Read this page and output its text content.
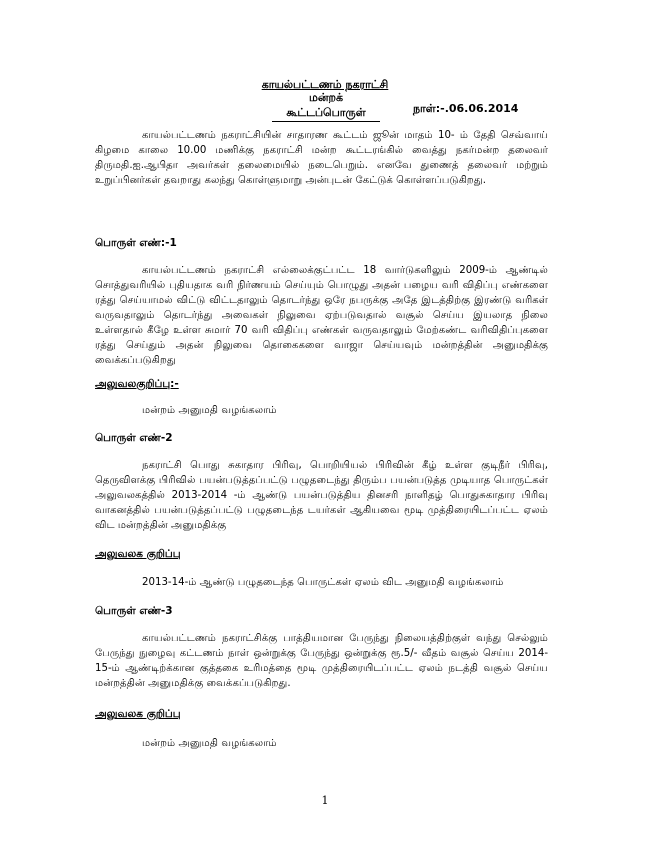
காயல்பட்டணம் நகராட்சி
மன்றக் கூட்டப்பொருள்	நாள்:-.06.06.2014

காயல்பட்டணம் நகராட்சியின் சாதாரண கூட்டம் ஜூன் மாதம் 10- ம் தேதி செவ்வாய் கிழமை காலை 10.00 மணிக்கு நகராட்சி மன்ற கூட்டரங்கில் வைத்து நகர்மன்ற தலைவர் திருமதி.ஐ.ஆபிதா அவர்கள் தலைமையில் நடைபெறும். எனவே துணைத் தலைவர் மற்றும் உறுப்பினர்கள் தவறாது கலந்து கொள்ளுமாறு அன்புடன் கேட்டுக் கொள்ளப்படுகிறது.

பொருள் எண்:-1

காயல்பட்டணம் நகராட்சி எல்லைக்குட்பட்ட 18 வார்டுகளிலும் 2009-ம் ஆண்டில் சொத்துவரியில் புதியதாக வரி நிர்ணயம் செய்யும் பொழுது அதன் பழைய வரி விதிப்பு எண்களை ரத்து செய்யாமல் விட்டு விட்டதாலும் தொடர்ந்து ஒரே நபருக்கு அதே இடத்திற்கு இரண்டு வரிகள் வருவதாலும் தொடர்ந்து அவைகள் நிலுவை ஏற்படுவதால் வசூல் செய்ய இயலாத நிலை உள்ளதால் கீழே உள்ள சுமார் 70 வரி விதிப்பு எண்கள் வருவதாலும் மேற்கண்ட வரிவிதிப்புகளை ரத்து செய்தும் அதன் நிலுவை தொகைகளை வாஜா செய்யவும் மன்றத்தின் அனுமதிக்கு வைக்கப்படுகிறது

அலுவலகுறிப்பு:-
மன்றம் அனுமதி வழங்கலாம்
பொருள் எண்-2

நகராட்சி பொது சுகாதார பிரிவு, பொறியியல் பிரிவின் கீழ் உள்ள குடிநீர் பிரிவு, தெருவிளக்கு பிரிவில் பயன்படுத்தப்பட்டு பழுதடைந்து திரும்ப பயன்படுத்த முடியாத பொருட்கள் அலுவலகத்தில் 2013-2014 -ம் ஆண்டு பயன்படுத்திய தினசரி நாளிதழ் பொதுசுகாதார பிரிவு வாகனத்தில் பயன்படுத்தப்பட்டு பழுதடைந்த டயர்கள் ஆகியவை மூடி முத்திரையிடப்பட்ட ஏலம் விட மன்றத்தின் அனுமதிக்கு

அலுவலக குறிப்பு
2013-14-ம் ஆண்டு பழுதடைந்த பொருட்கள் ஏலம் விட அனுமதி வழங்கலாம்
பொருள் எண்-3

காயல்பட்டணம் நகராட்சிக்கு பாத்தியமான பேருந்து நிலையத்திற்குள் வந்து செல்லும் பேருந்து நுழைவு கட்டணம் நாள் ஒன்றுக்கு பேருந்து ஒன்றுக்கு ரூ.5/- வீதம் வசூல் செய்ய 2014-15-ம் ஆண்டிற்க்கான குத்தகை உரிமத்தை மூடி முத்திரையிடப்பட்ட ஏலம் நடத்தி வசூல் செய்ய மன்றத்தின் அனுமதிக்கு வைக்கப்படுகிறது.

அலுவலக குறிப்பு
மன்றம் அனுமதி வழங்கலாம்
1
